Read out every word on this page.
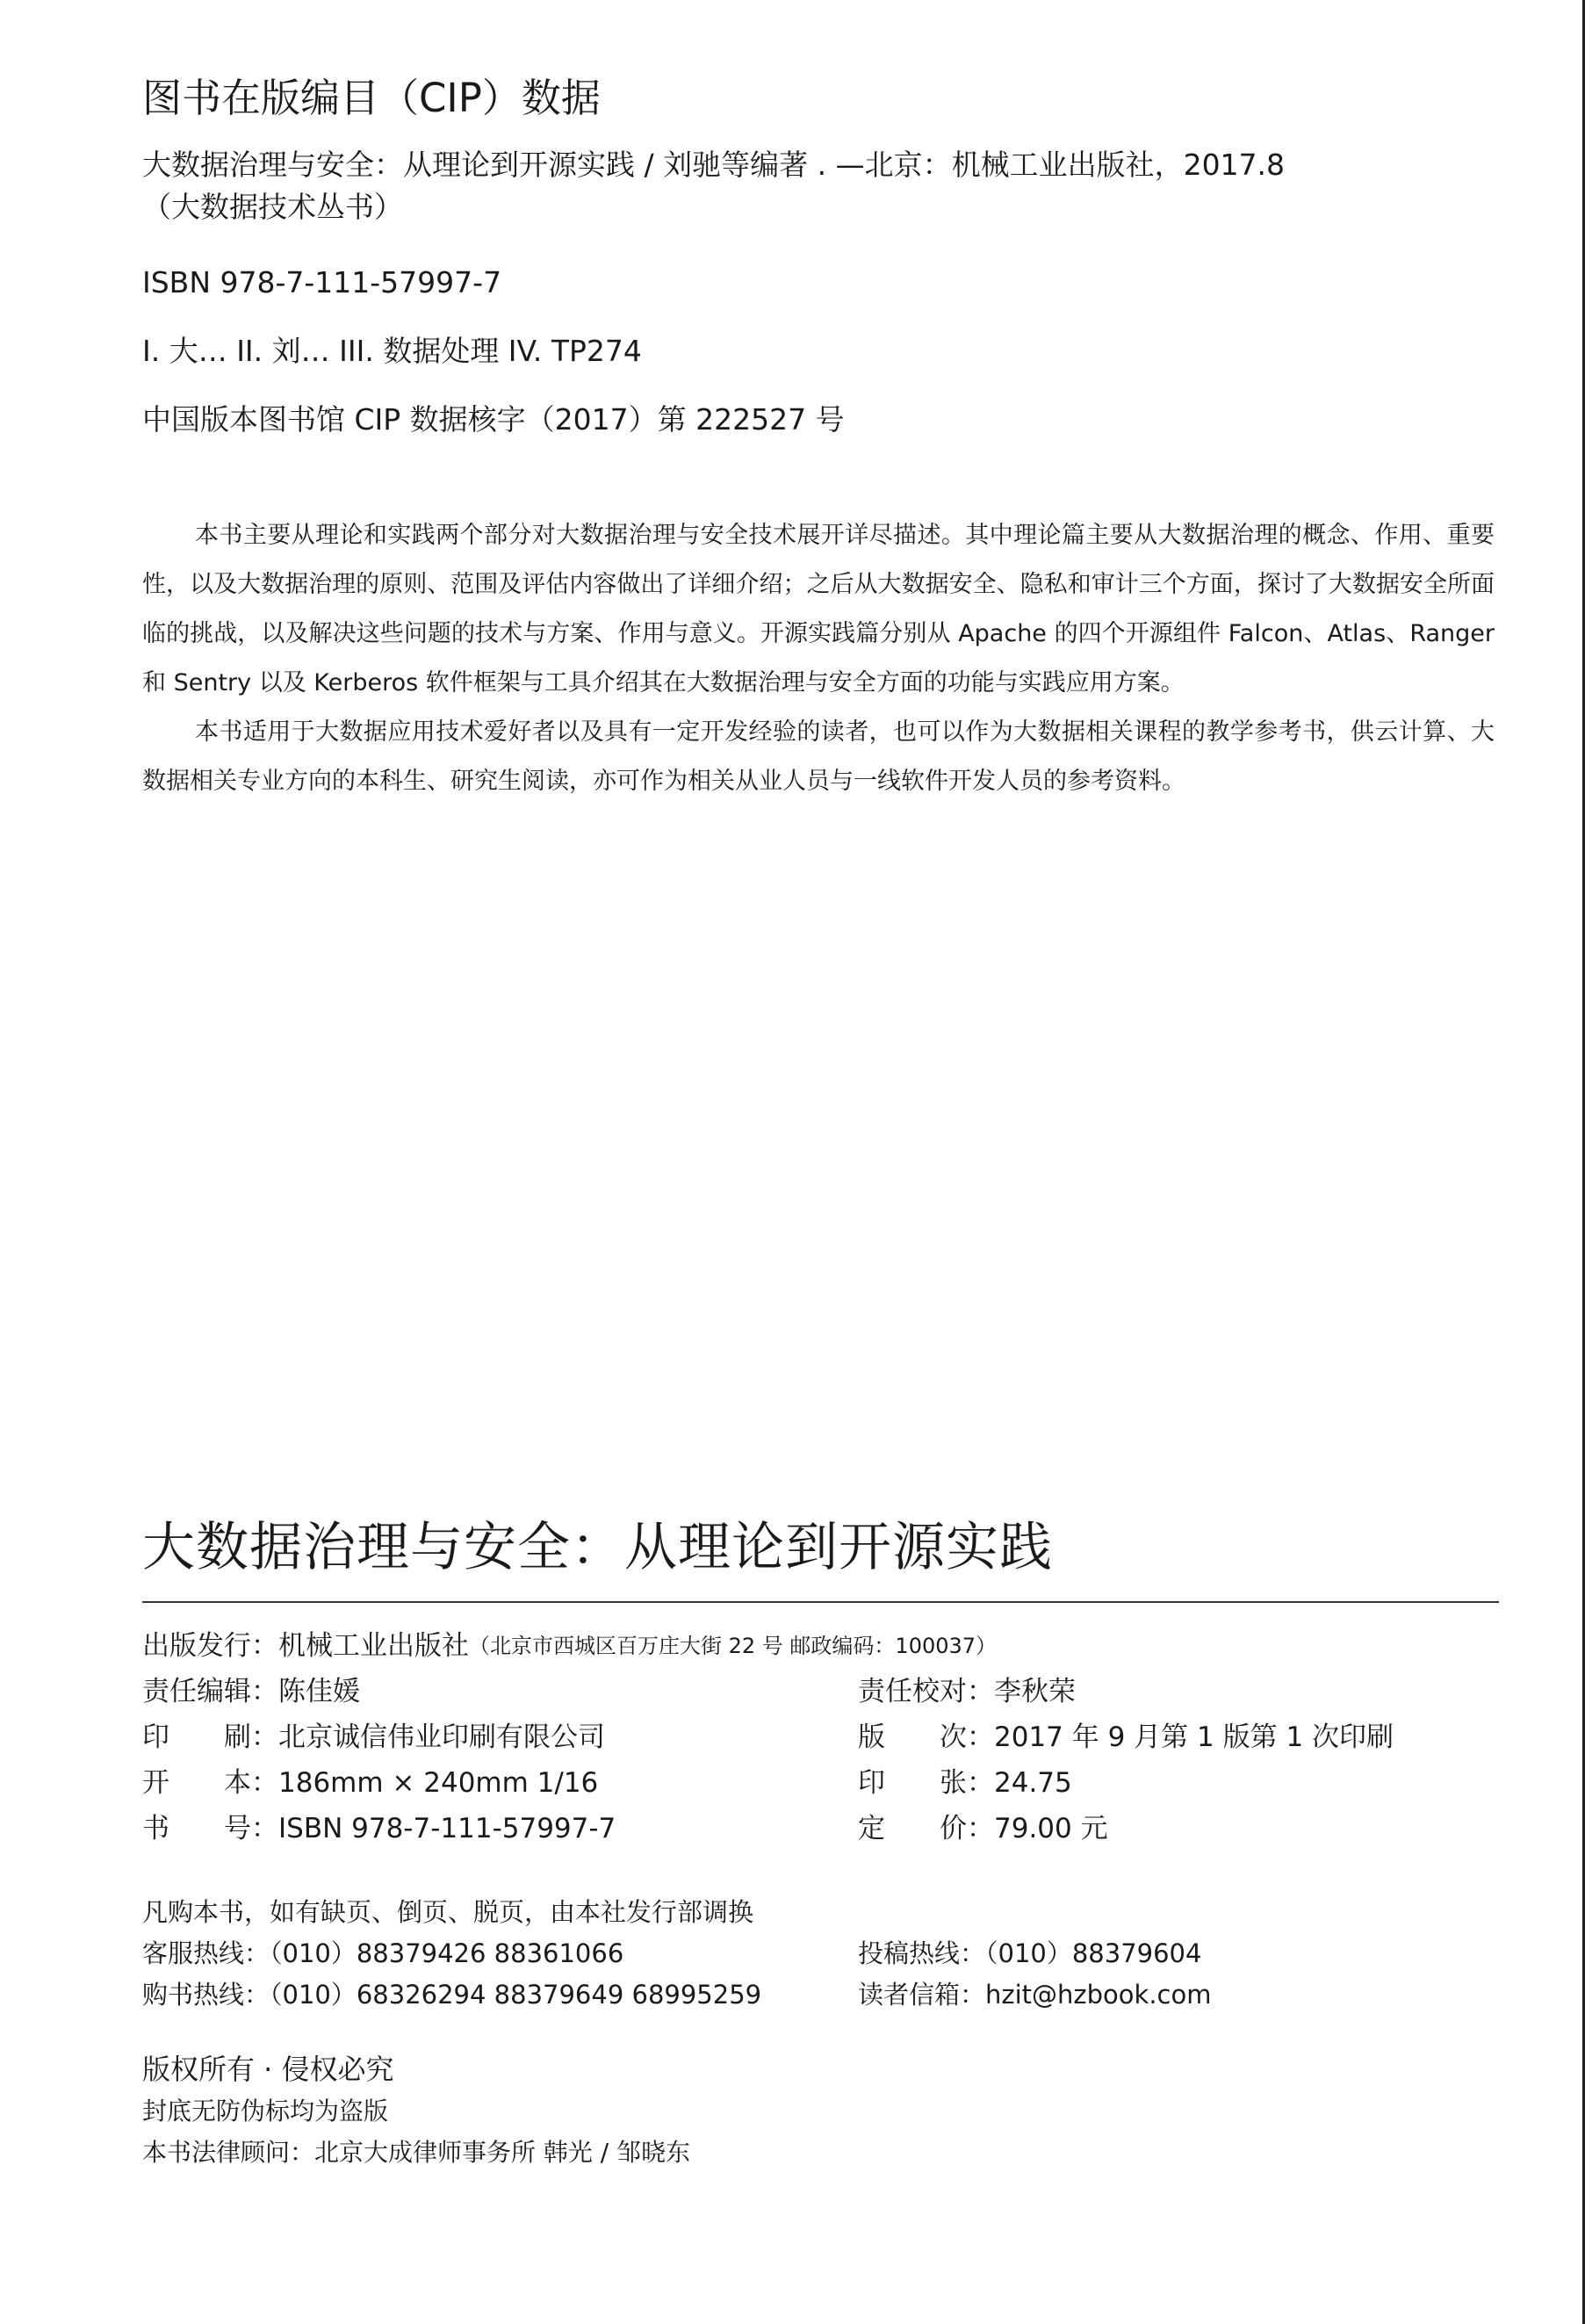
图书在版编目（CIP）数据

大数据治理与安全：从理论到开源实践 / 刘驰等编著 . —北京：机械工业出版社，2017.8

（大数据技术丛书）

ISBN 978-7-111-57997-7

I. 大… II. 刘… III. 数据处理 IV. TP274

中国版本图书馆 CIP 数据核字（2017）第 222527 号

本书主要从理论和实践两个部分对大数据治理与安全技术展开详尽描述。其中理论篇主要从大数据治理的概念、作用、重要性，以及大数据治理的原则、范围及评估内容做出了详细介绍；之后从大数据安全、隐私和审计三个方面，探讨了大数据安全所面临的挑战，以及解决这些问题的技术与方案、作用与意义。开源实践篇分别从 Apache 的四个开源组件 Falcon、Atlas、Ranger 和 Sentry 以及 Kerberos 软件框架与工具介绍其在大数据治理与安全方面的功能与实践应用方案。

本书适用于大数据应用技术爱好者以及具有一定开发经验的读者，也可以作为大数据相关课程的教学参考书，供云计算、大数据相关专业方向的本科生、研究生阅读，亦可作为相关从业人员与一线软件开发人员的参考资料。

大数据治理与安全：从理论到开源实践
出版发行：机械工业出版社 （北京市西城区百万庄大街 22 号 邮政编码：100037）
责任编辑：陈佳媛	责任校对：李秋荣
印　　刷：北京诚信伟业印刷有限公司	版　　次：2017 年 9 月第 1 版第 1 次印刷
开　　本：186mm × 240mm 1/16	印　　张：24.75
书　　号：ISBN 978-7-111-57997-7	定　　价：79.00 元
凡购本书，如有缺页、倒页、脱页，由本社发行部调换
客服热线：（010）88379426 88361066	投稿热线：（010）88379604
购书热线：（010）68326294 88379649 68995259	读者信箱：hzit@hzbook.com

版权所有 · 侵权必究

封底无防伪标均为盗版

本书法律顾问：北京大成律师事务所 韩光 / 邹晓东
